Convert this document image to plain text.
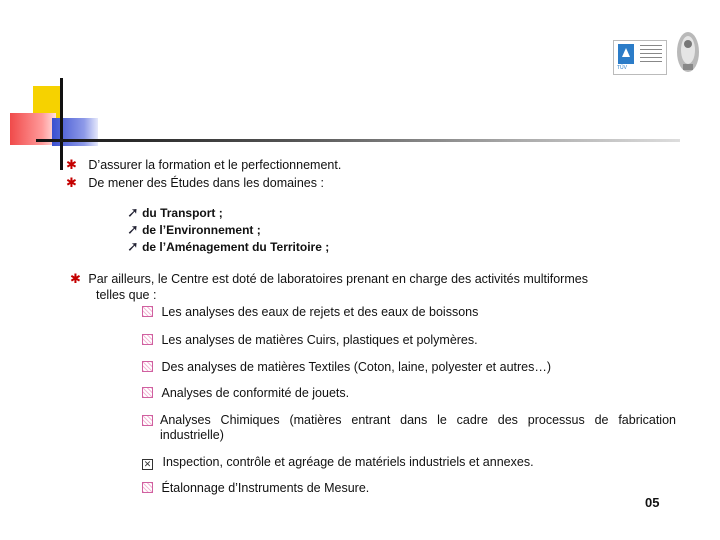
TÜV
✱ D’assurer la formation et le perfectionnement.
✱ De mener des Études dans les domaines :
➚ du Transport ;
➚ de l’Environnement ;
➚ de l’Aménagement du Territoire ;
✱ Par ailleurs, le Centre est doté de laboratoires prenant en charge des activités multiformes
telles que :
Les analyses des eaux de rejets et des eaux de boissons
Les analyses de matières Cuirs, plastiques et polymères.
Des analyses de matières Textiles (Coton, laine, polyester et autres…)
Analyses de conformité de jouets.
Analyses Chimiques (matières entrant dans le cadre des processus de fabrication industrielle)
✕ Inspection, contrôle et agréage de matériels industriels et annexes.
Étalonnage d’Instruments de Mesure.
05
